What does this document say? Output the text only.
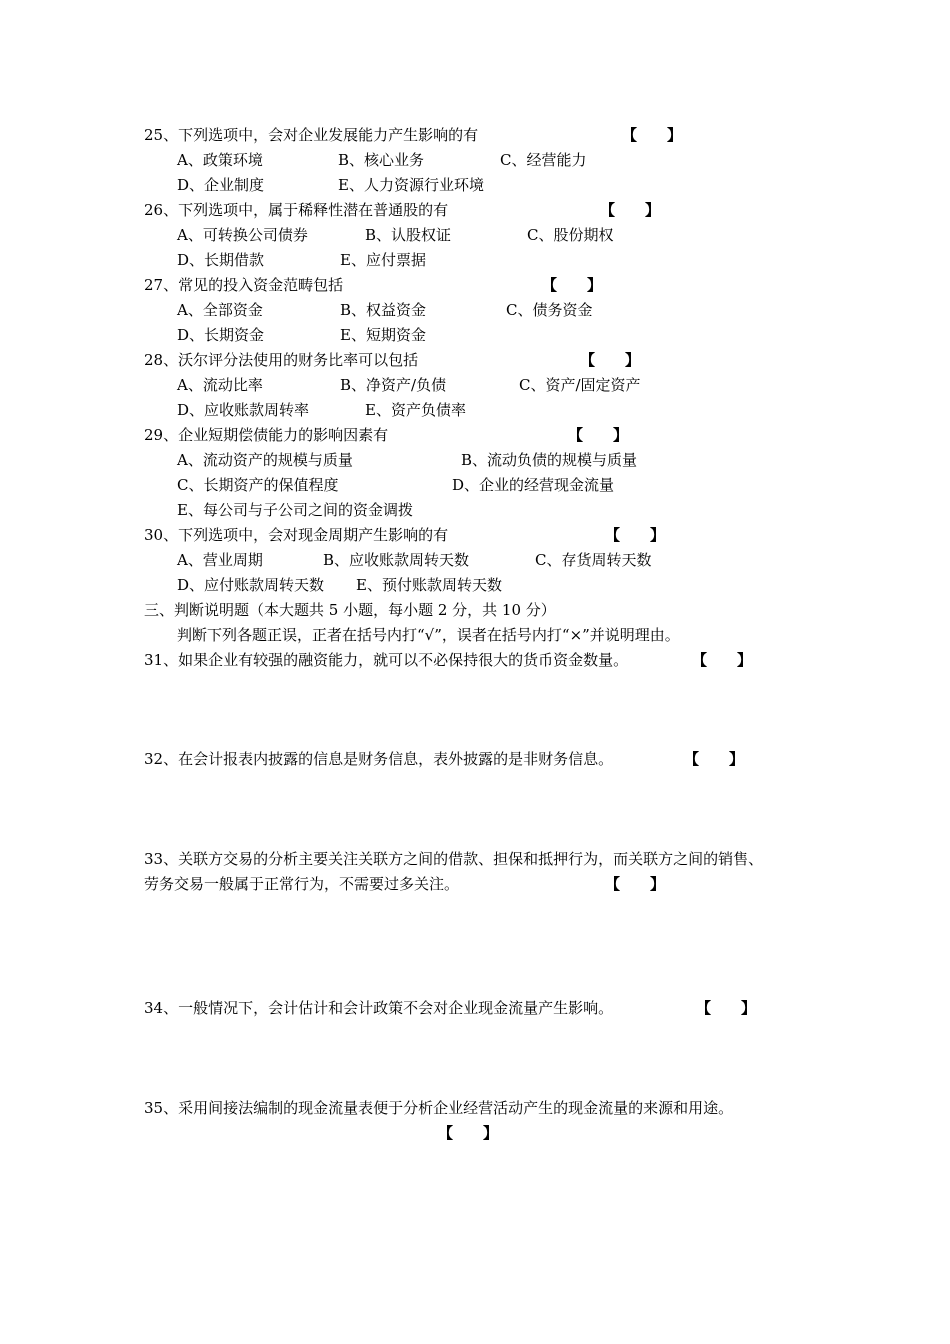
25、下列选项中，会对企业发展能力产生影响的有	【　　】
A、政策环境	B、核心业务	C、经营能力
D、企业制度	E、人力资源行业环境
26、下列选项中，属于稀释性潜在普通股的有	【　　】
A、可转换公司债券	B、认股权证	C、股份期权
D、长期借款	E、应付票据
27、常见的投入资金范畴包括	【　　】
A、全部资金	B、权益资金	C、债务资金
D、长期资金	E、短期资金
28、沃尔评分法使用的财务比率可以包括	【　　】
A、流动比率	B、净资产/负债	C、资产/固定资产
D、应收账款周转率	E、资产负债率
29、企业短期偿债能力的影响因素有	【　　】
A、流动资产的规模与质量	B、流动负债的规模与质量
C、长期资产的保值程度	D、企业的经营现金流量
E、每公司与子公司之间的资金调拨
30、下列选项中，会对现金周期产生影响的有	【　　】
A、营业周期	B、应收账款周转天数	C、存货周转天数
D、应付账款周转天数 E、预付账款周转天数
三、判断说明题（本大题共 5 小题，每小题 2 分，共 10 分）
判断下列各题正误，正者在括号内打“√”，误者在括号内打“×”并说明理由。
31、如果企业有较强的融资能力，就可以不必保持很大的货币资金数量。	【　　】
32、在会计报表内披露的信息是财务信息，表外披露的是非财务信息。	【　　】
33、关联方交易的分析主要关注关联方之间的借款、担保和抵押行为，而关联方之间的销售、
劳务交易一般属于正常行为，不需要过多关注。	【　　】
34、一般情况下，会计估计和会计政策不会对企业现金流量产生影响。	【　　】
35、采用间接法编制的现金流量表便于分析企业经营活动产生的现金流量的来源和用途。
【　　】
